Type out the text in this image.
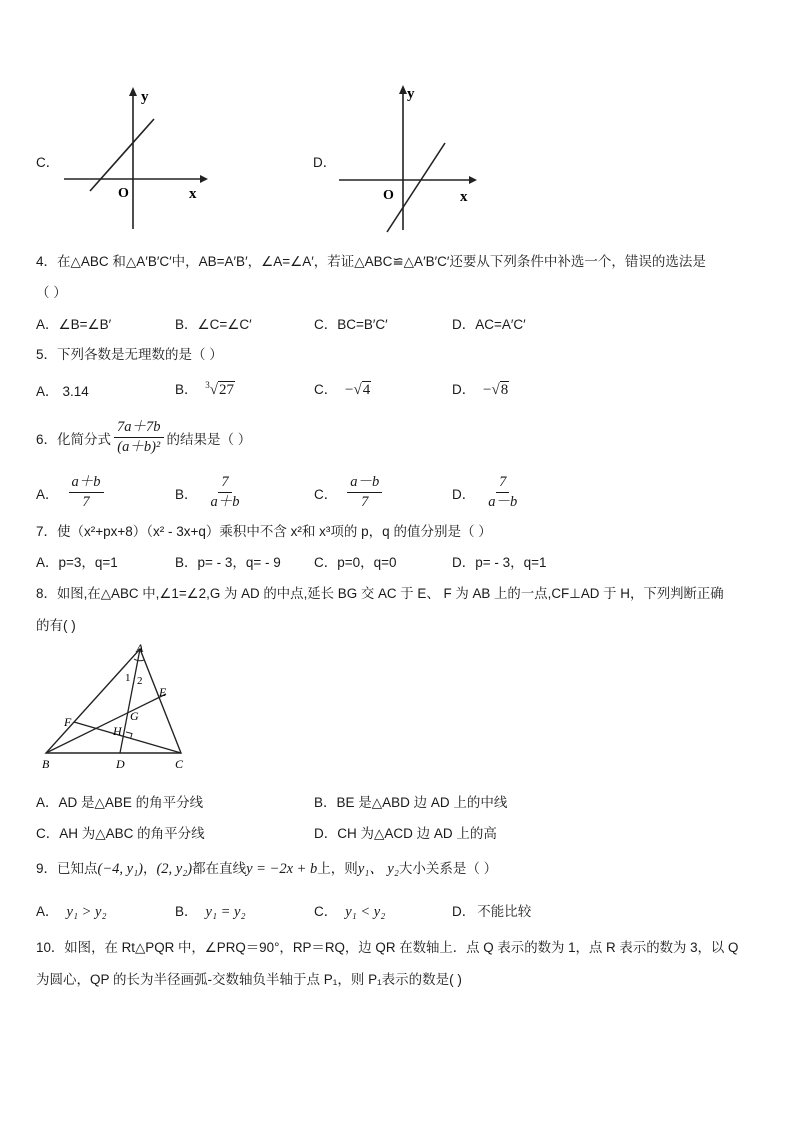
C．
y
x
O
D．
y
x
O
4．在△ABC 和△A′B′C′中，AB=A′B′，∠A=∠A′，若证△ABC≌△A′B′C′还要从下列条件中补选一个，错误的选法是
（ ）
A．∠B=∠B′	B．∠C=∠C′	C．BC=B′C′	D．AC=A′C′
5．下列各数是无理数的是（ ）
A． 3.14	B． $^3$√27	C． −√4	D． −√8
6．化简分式 $\frac{7a+7b}{\text{(a＋b)²}}$ 的结果是（ ）
A． $\frac{a+b}{7}$	B． $\frac{7}{a+b}$	C． $\frac{a-b}{7}$	D． $\frac{7}{a-b}$
7．使（x²+px+8）（x² - 3x+q）乘积中不含 x²和 x³项的 p，q 的值分别是（ ）
A．p=3，q=1	B．p= - 3，q= - 9 C．p=0，q=0	D．p= - 3，q=1
8．如图,在△ABC 中,∠1=∠2,G 为 AD 的中点,延长 BG 交 AC 于 E、 F 为 AB 上的一点,CF⊥AD 于 H，下列判断正确
的有( )
A
B	C
D
E
F	G
H
1 2
A．AD 是△ABE 的角平分线	B．BE 是△ABD 边 AD 上的中线
C．AH 为△ABC 的角平分线	D．CH 为△ACD 边 AD 上的高
9．已知点(−4, y₁)，(2, y₂)都在直线y = −2x + b上，则y₁、 y₂大小关系是（ ）
A． y₁ > y₂	B． y₁ = y₂	C． y₁ < y₂	D． 不能比较
10．如图，在 Rt△PQR 中，∠PRQ＝90°，RP＝RQ，边 QR 在数轴上．点 Q 表示的数为 1，点 R 表示的数为 3，以 Q
为圆心，QP 的长为半径画弧-交数轴负半轴于点 P₁，则 P₁表示的数是( )
